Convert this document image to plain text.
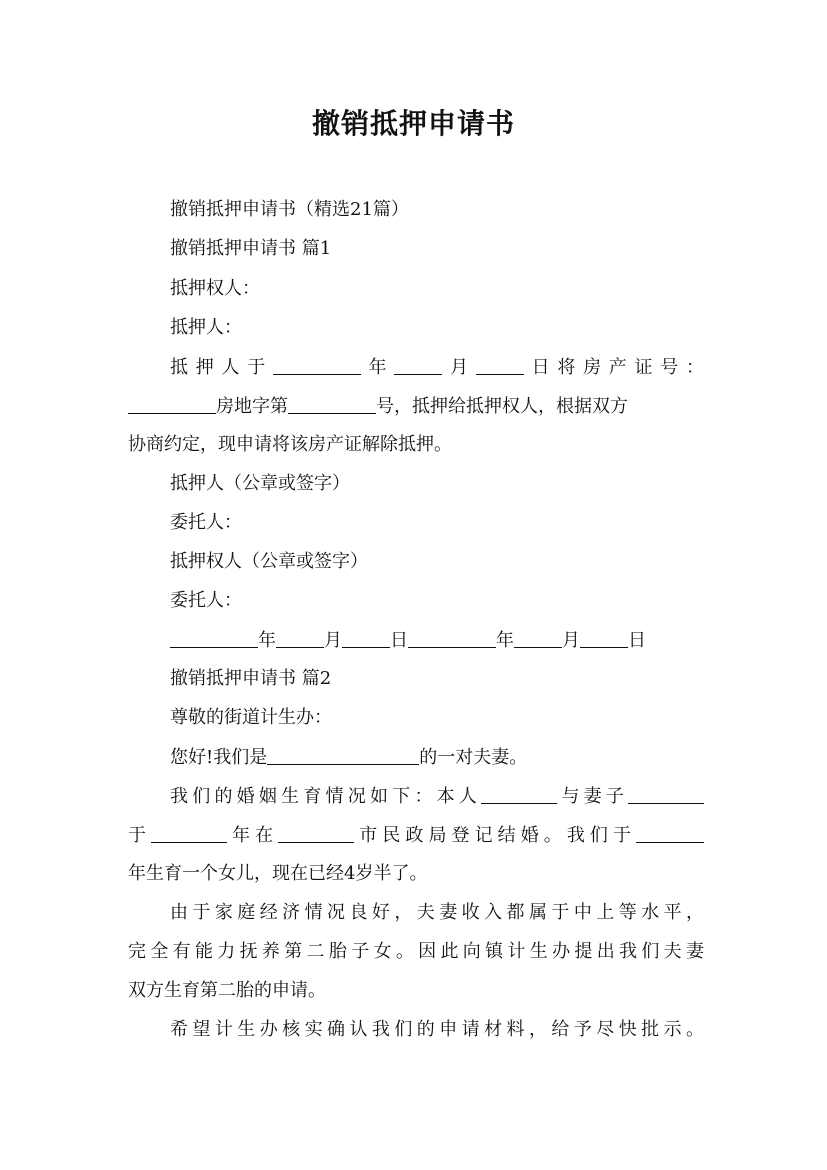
撤销抵押申请书
撤销抵押申请书（精选21篇）
撤销抵押申请书 篇1
抵押权人：
抵押人：
抵押人于	年	月	日将房产证号：
房地字第	号，抵押给抵押权人，根据双方
协商约定，现申请将该房产证解除抵押。
抵押人（公章或签字）
委托人：
抵押权人（公章或签字）
委托人：
年	月	日	年	月	日
撤销抵押申请书 篇2
尊敬的街道计生办：
您好!我们是	的一对夫妻。
我们的婚姻生育情况如下：本人	与妻子
于	年在	市民政局登记结婚。我们于
年生育一个女儿，现在已经4岁半了。
由于家庭经济情况良好，夫妻收入都属于中上等水平，
完全有能力抚养第二胎子女。因此向镇计生办提出我们夫妻
双方生育第二胎的申请。
希望计生办核实确认我们的申请材料，给予尽快批示。
